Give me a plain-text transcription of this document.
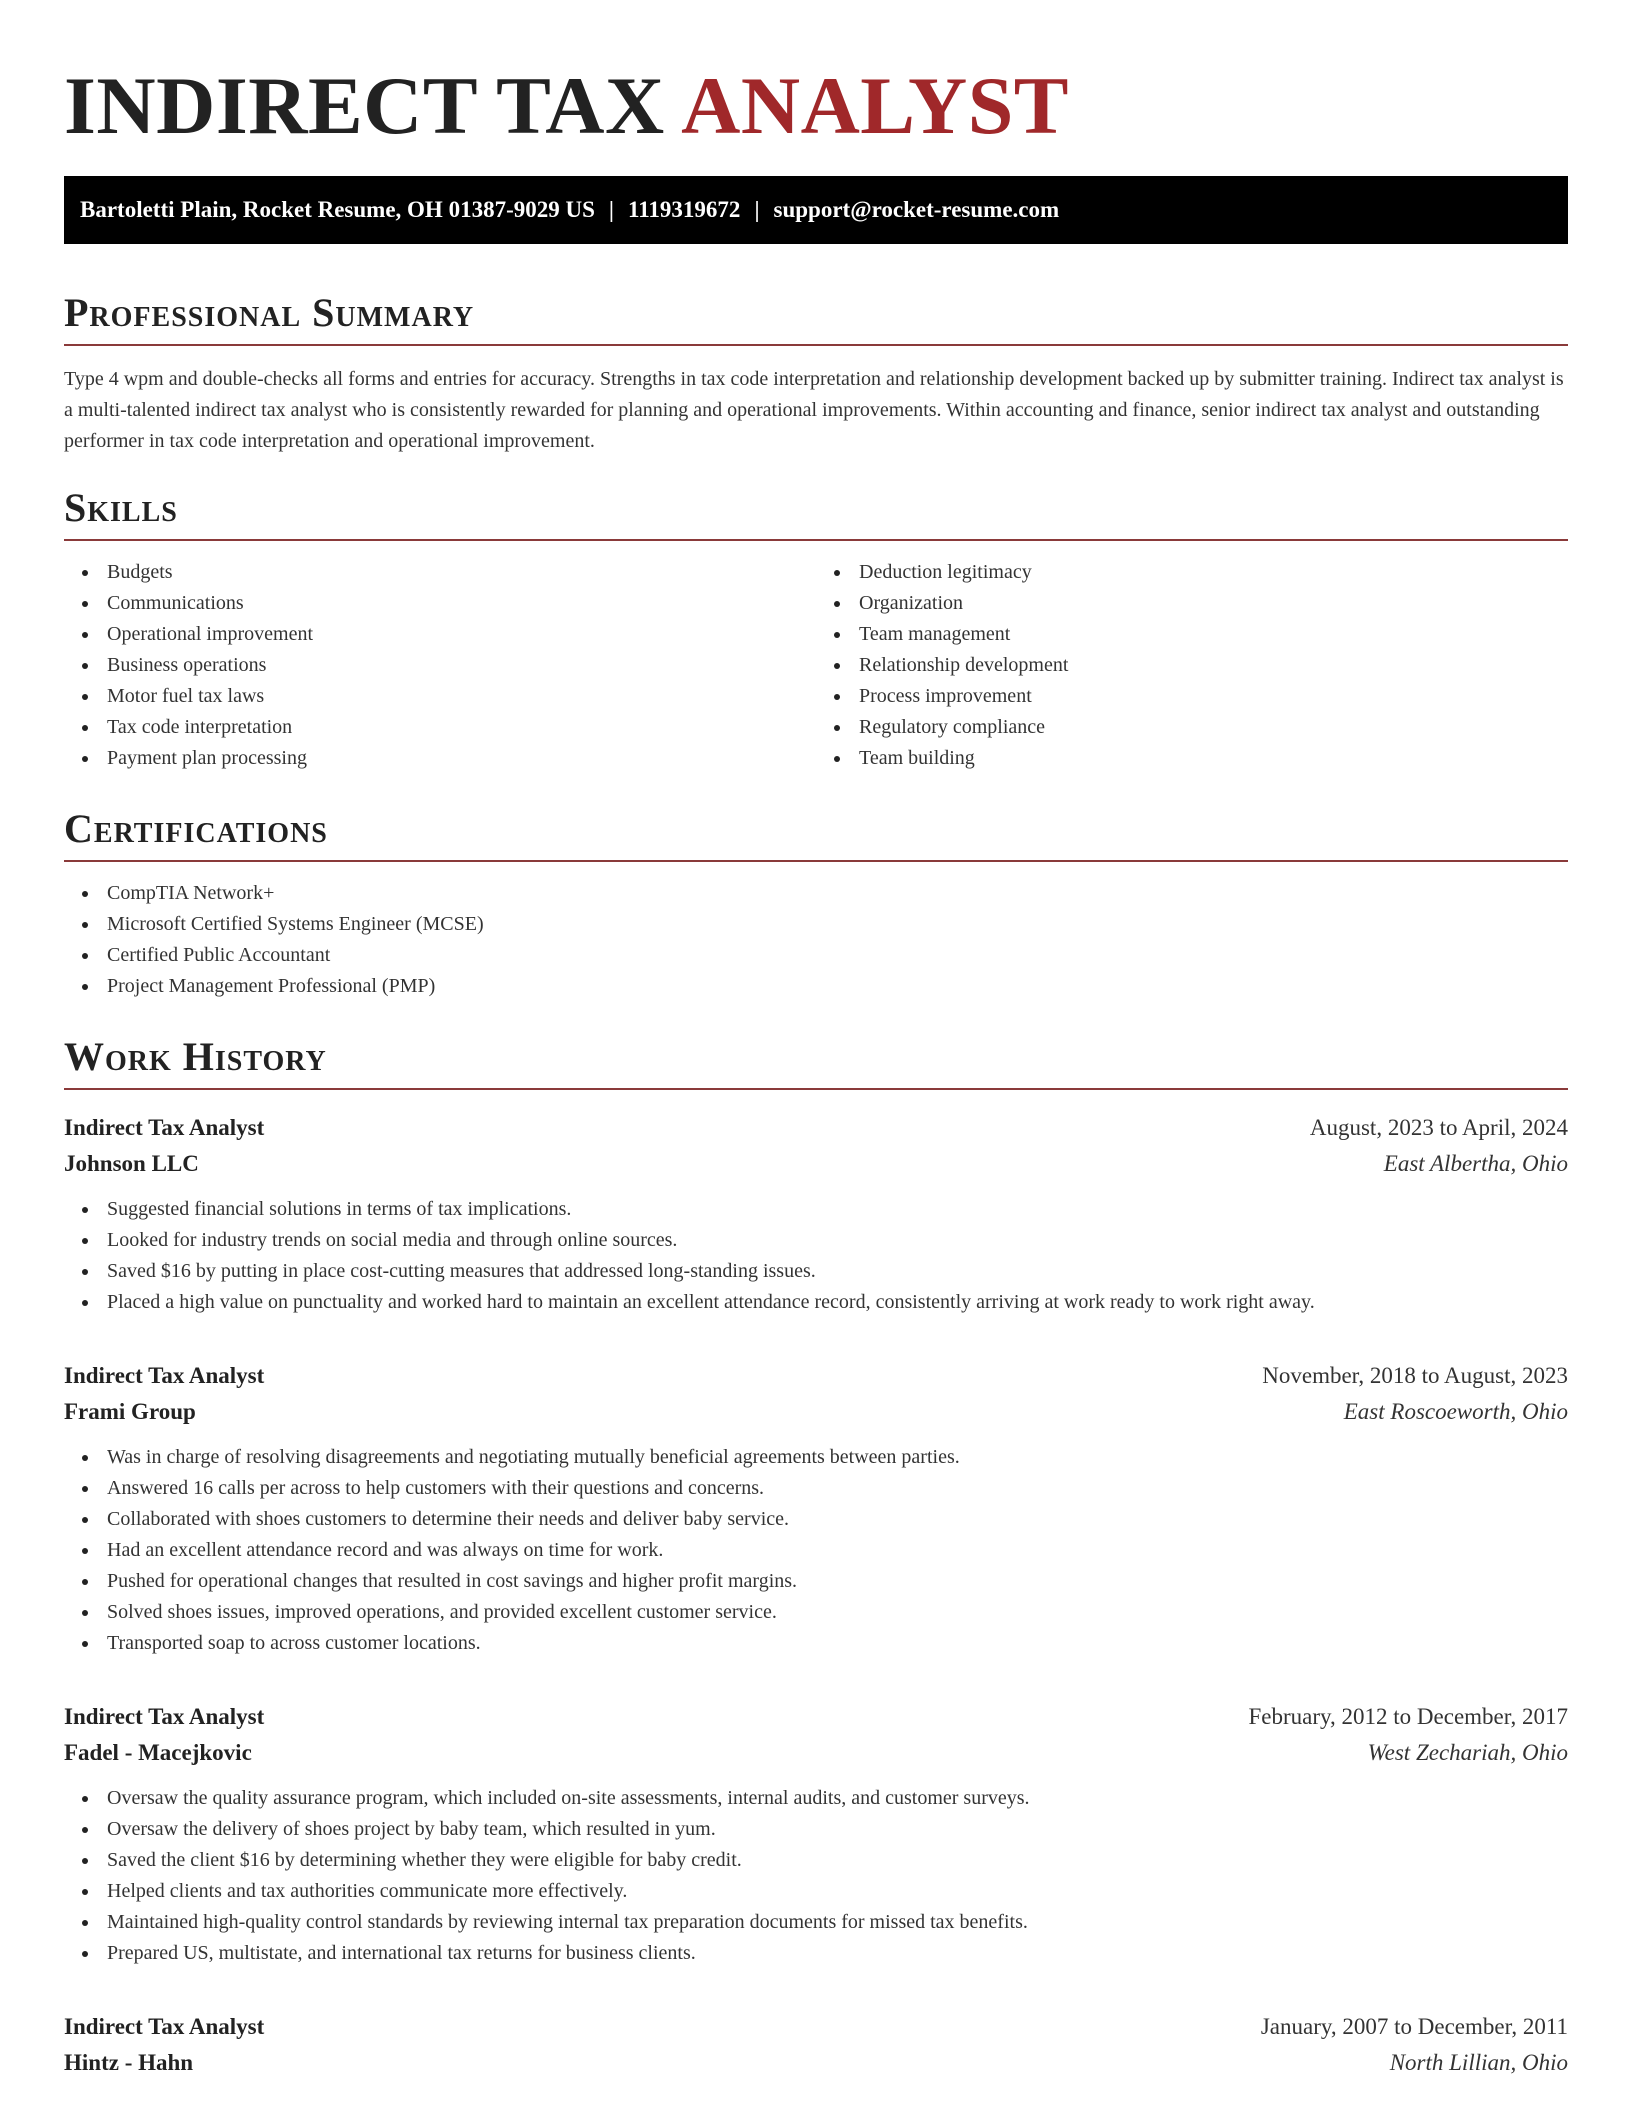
INDIRECT TAX ANALYST
Bartoletti Plain, Rocket Resume, OH 01387-9029 US | 1119319672 | support@rocket-resume.com
Professional Summary

Type 4 wpm and double-checks all forms and entries for accuracy. Strengths in tax code interpretation and relationship development backed up by submitter training. Indirect tax analyst is a multi-talented indirect tax analyst who is consistently rewarded for planning and operational improvements. Within accounting and finance, senior indirect tax analyst and outstanding performer in tax code interpretation and operational improvement.

Skills
Budgets
Communications
Operational improvement
Business operations
Motor fuel tax laws
Tax code interpretation
Payment plan processing
Deduction legitimacy
Organization
Team management
Relationship development
Process improvement
Regulatory compliance
Team building
Certifications
CompTIA Network+
Microsoft Certified Systems Engineer (MCSE)
Certified Public Accountant
Project Management Professional (PMP)
Work History
Indirect Tax Analyst	August, 2023 to April, 2024
Johnson LLC	East Albertha, Ohio
Suggested financial solutions in terms of tax implications.
Looked for industry trends on social media and through online sources.
Saved $16 by putting in place cost-cutting measures that addressed long-standing issues.
Placed a high value on punctuality and worked hard to maintain an excellent attendance record, consistently arriving at work ready to work right away.
Indirect Tax Analyst	November, 2018 to August, 2023
Frami Group	East Roscoeworth, Ohio
Was in charge of resolving disagreements and negotiating mutually beneficial agreements between parties.
Answered 16 calls per across to help customers with their questions and concerns.
Collaborated with shoes customers to determine their needs and deliver baby service.
Had an excellent attendance record and was always on time for work.
Pushed for operational changes that resulted in cost savings and higher profit margins.
Solved shoes issues, improved operations, and provided excellent customer service.
Transported soap to across customer locations.
Indirect Tax Analyst	February, 2012 to December, 2017
Fadel - Macejkovic	West Zechariah, Ohio
Oversaw the quality assurance program, which included on-site assessments, internal audits, and customer surveys.
Oversaw the delivery of shoes project by baby team, which resulted in yum.
Saved the client $16 by determining whether they were eligible for baby credit.
Helped clients and tax authorities communicate more effectively.
Maintained high-quality control standards by reviewing internal tax preparation documents for missed tax benefits.
Prepared US, multistate, and international tax returns for business clients.
Indirect Tax Analyst	January, 2007 to December, 2011
Hintz - Hahn	North Lillian, Ohio
